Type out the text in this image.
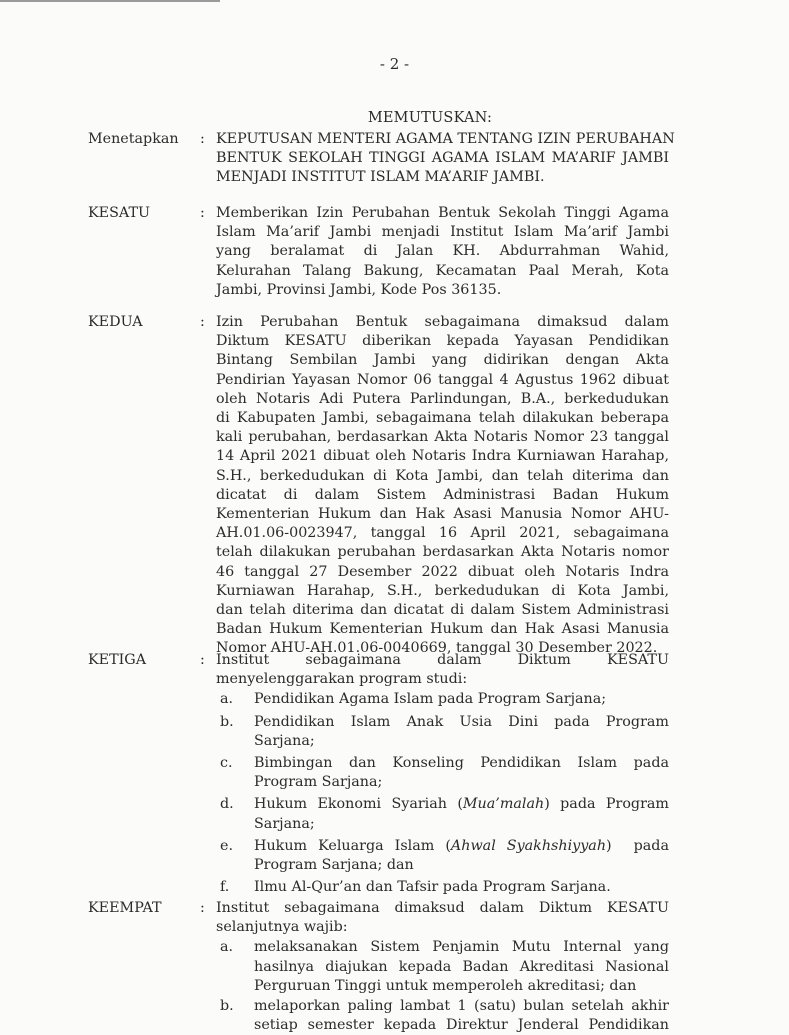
- 2 -
MEMUTUSKAN:
Menetapkan	: KEPUTUSAN MENTERI AGAMA TENTANG IZIN PERUBAHAN
BENTUK SEKOLAH TINGGI AGAMA ISLAM MA’ARIF JAMBI
MENJADI INSTITUT ISLAM MA’ARIF JAMBI.
KESATU	: Memberikan Izin Perubahan Bentuk Sekolah Tinggi Agama
Islam Ma’arif Jambi menjadi Institut Islam Ma’arif Jambi
yang beralamat di Jalan KH. Abdurrahman Wahid,
Kelurahan Talang Bakung, Kecamatan Paal Merah, Kota
Jambi, Provinsi Jambi, Kode Pos 36135.
KEDUA	: Izin Perubahan Bentuk sebagaimana dimaksud dalam
Diktum KESATU diberikan kepada Yayasan Pendidikan
Bintang Sembilan Jambi yang didirikan dengan Akta
Pendirian Yayasan Nomor 06 tanggal 4 Agustus 1962 dibuat
oleh Notaris Adi Putera Parlindungan, B.A., berkedudukan
di Kabupaten Jambi, sebagaimana telah dilakukan beberapa
kali perubahan, berdasarkan Akta Notaris Nomor 23 tanggal
14 April 2021 dibuat oleh Notaris Indra Kurniawan Harahap,
S.H., berkedudukan di Kota Jambi, dan telah diterima dan
dicatat di dalam Sistem Administrasi Badan Hukum
Kementerian Hukum dan Hak Asasi Manusia Nomor AHU-
AH.01.06-0023947, tanggal 16 April 2021, sebagaimana
telah dilakukan perubahan berdasarkan Akta Notaris nomor
46 tanggal 27 Desember 2022 dibuat oleh Notaris Indra
Kurniawan Harahap, S.H., berkedudukan di Kota Jambi,
dan telah diterima dan dicatat di dalam Sistem Administrasi
Badan Hukum Kementerian Hukum dan Hak Asasi Manusia
Nomor AHU-AH.01.06-0040669, tanggal 30 Desember 2022.
KETIGA	: Institut sebagaimana dalam Diktum KESATU
menyelenggarakan program studi:
a.	Pendidikan Agama Islam pada Program Sarjana;
b.	Pendidikan Islam Anak Usia Dini pada Program
Sarjana;
c.	Bimbingan dan Konseling Pendidikan Islam pada
Program Sarjana;
d.	Hukum Ekonomi Syariah (Mua’malah) pada Program
Sarjana;
e.	Hukum Keluarga Islam (Ahwal Syakhshiyyah)  pada
Program Sarjana; dan
f.	Ilmu Al-Qur’an dan Tafsir pada Program Sarjana.
KEEMPAT	: Institut sebagaimana dimaksud dalam Diktum KESATU
selanjutnya wajib:
a.	melaksanakan Sistem Penjamin Mutu Internal yang
hasilnya diajukan kepada Badan Akreditasi Nasional
Perguruan Tinggi untuk memperoleh akreditasi; dan
b.	melaporkan paling lambat 1 (satu) bulan setelah akhir
setiap semester kepada Direktur Jenderal Pendidikan
